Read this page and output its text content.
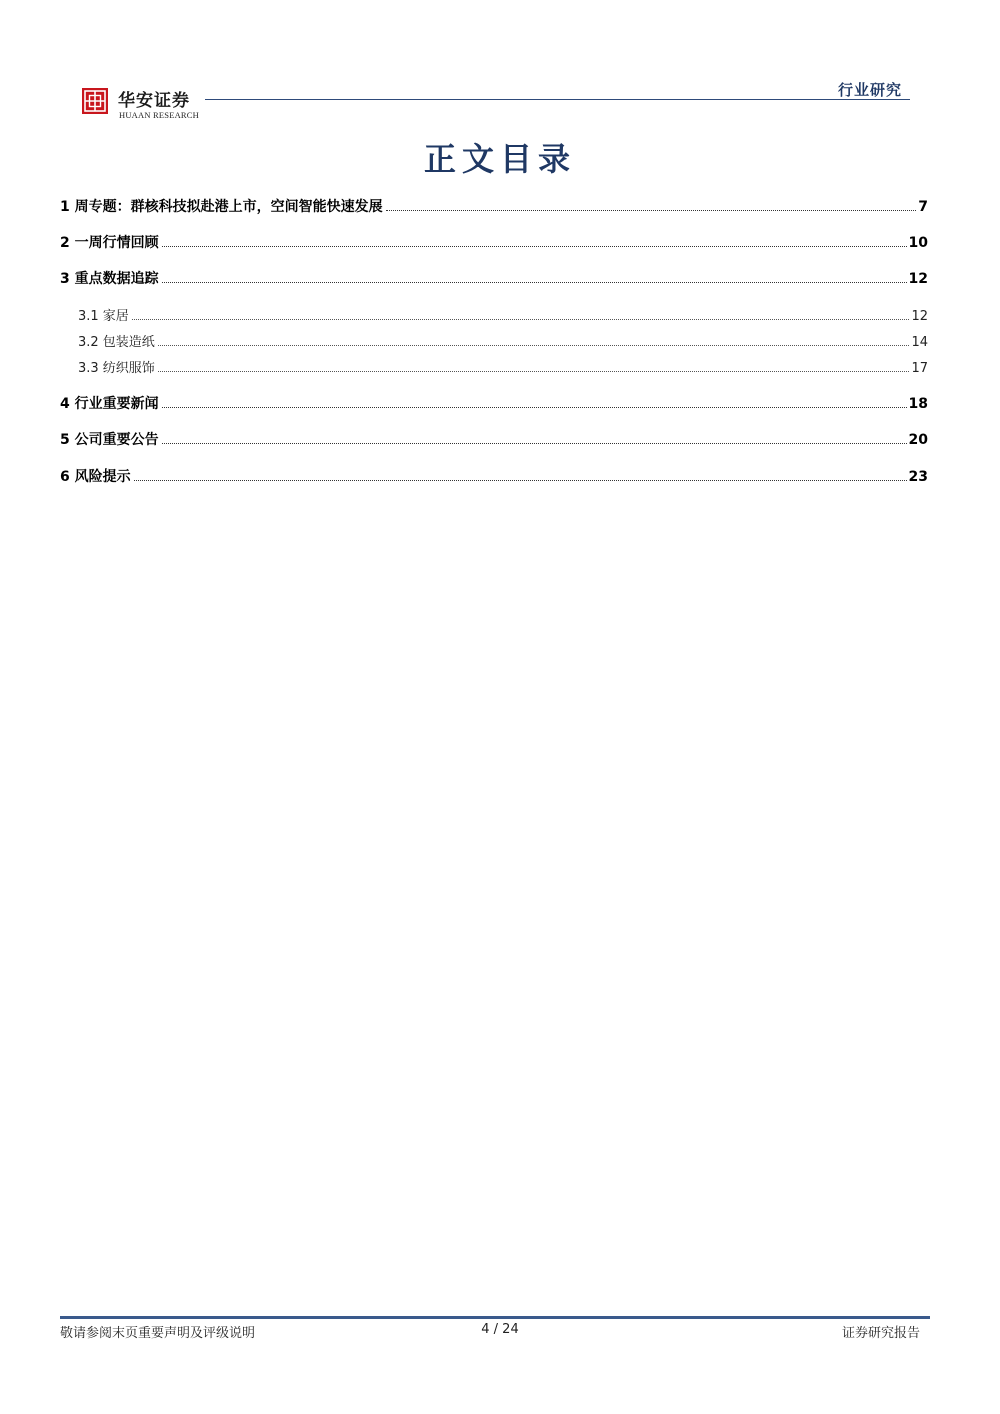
华安证券
HUAAN RESEARCH
行业研究
正文目录
1 周专题：群核科技拟赴港上市，空间智能快速发展	7
2 一周行情回顾	10
3 重点数据追踪	12
3.1 家居	12
3.2 包装造纸	14
3.3 纺织服饰	17
4 行业重要新闻	18
5 公司重要公告	20
6 风险提示	23
敬请参阅末页重要声明及评级说明	4 / 24	证券研究报告
